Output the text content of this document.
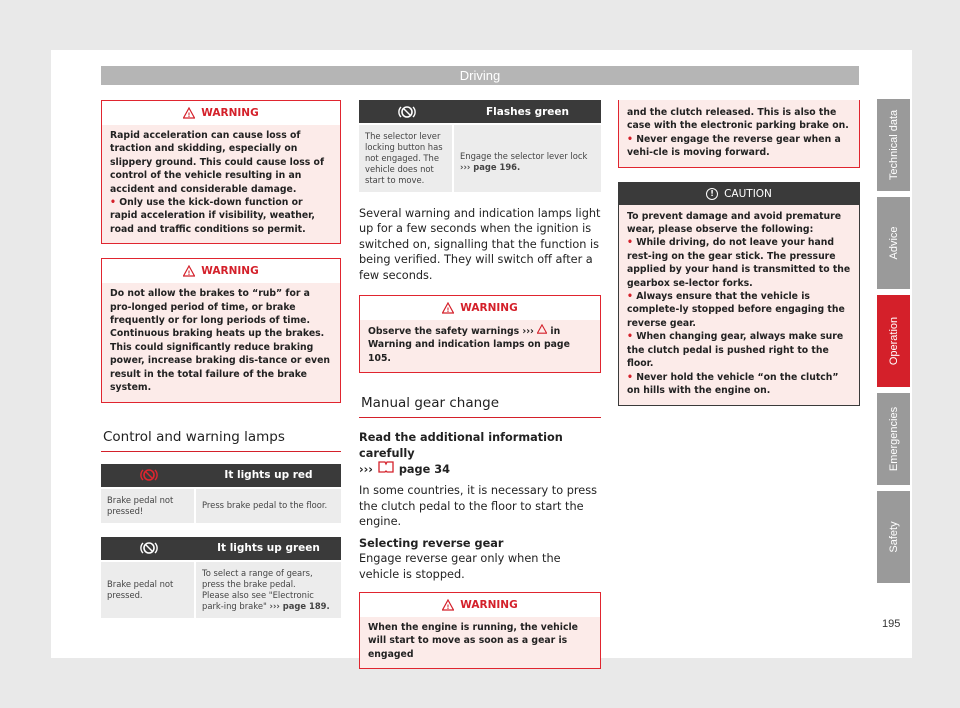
Driving
! WARNING
Rapid acceleration can cause loss of traction and skidding, especially on slippery ground. This could cause loss of control of the vehicle resulting in an accident and considerable damage.
• Only use the kick-down function or rapid acceleration if visibility, weather, road and traffic conditions so permit.
! WARNING
Do not allow the brakes to “rub” for a pro-longed period of time, or brake frequently or for long periods of time. Continuous braking heats up the brakes. This could significantly reduce braking power, increase braking dis-tance or even result in the total failure of the brake system.
Control and warning lamps
It lights up red
Brake pedal not pressed!
Press brake pedal to the floor.
It lights up green
Brake pedal not pressed.
To select a range of gears, press the brake pedal.
Please also see "Electronic park-ing brake" ››› page 189.
Flashes green
The selector lever locking button has not engaged. The vehicle does not start to move.
Engage the selector lever lock
››› page 196.
Several warning and indication lamps light up for a few seconds when the ignition is switched on, signalling that the function is being verified. They will switch off after a few seconds.
! WARNING
Observe the safety warnings ›››  in Warning and indication lamps on page 105.
Manual gear change
Read the additional information carefully
›››  page 34
In some countries, it is necessary to press the clutch pedal to the floor to start the engine.
Selecting reverse gear
Engage reverse gear only when the vehicle is stopped.
! WARNING
When the engine is running, the vehicle will start to move as soon as a gear is engaged
and the clutch released. This is also the case with the electronic parking brake on.
• Never engage the reverse gear when a vehi-cle is moving forward.
! CAUTION
To prevent damage and avoid premature wear, please observe the following:
• While driving, do not leave your hand rest-ing on the gear stick. The pressure applied by your hand is transmitted to the gearbox se-lector forks.
• Always ensure that the vehicle is complete-ly stopped before engaging the reverse gear.
• When changing gear, always make sure the clutch pedal is pushed right to the floor.
• Never hold the vehicle “on the clutch” on hills with the engine on.
Technical data
Advice
Operation
Emergencies
Safety
195
